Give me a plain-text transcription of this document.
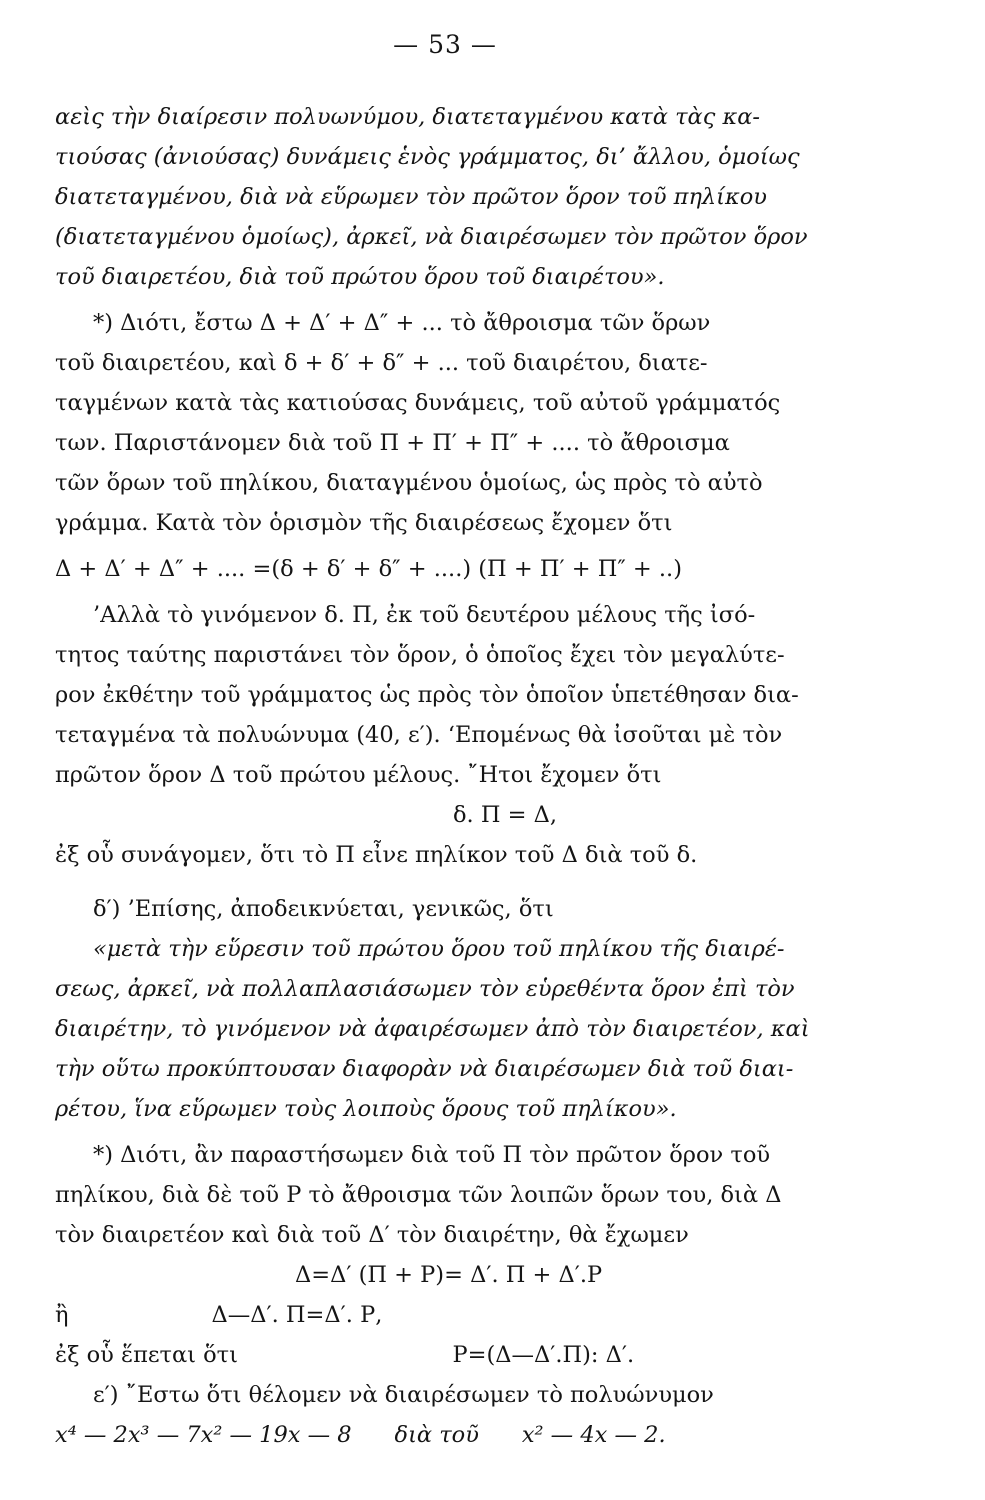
— 53 —
αεὶς τὴν διαίρεσιν πολυωνύμου, διατεταγμένου κατὰ τὰς κα-
τιούσας (ἀνιούσας) δυνάμεις ἑνὸς γράμματος, δι’ ἄλλου, ὁμοίως
διατεταγμένου, διὰ νὰ εὕρωμεν τὸν πρῶτον ὅρον τοῦ πηλίκου
(διατεταγμένου ὁμοίως), ἀρκεῖ, νὰ διαιρέσωμεν τὸν πρῶτον ὅρον
τοῦ διαιρετέου, διὰ τοῦ πρώτου ὅρου τοῦ διαιρέτου».
*) Διότι, ἔστω Δ + Δ′ + Δ″ + ... τὸ ἄθροισμα τῶν ὅρων
τοῦ διαιρετέου, καὶ δ + δ′ + δ″ + ... τοῦ διαιρέτου, διατε-
ταγμένων κατὰ τὰς κατιούσας δυνάμεις, τοῦ αὐτοῦ γράμματός
των. Παριστάνομεν διὰ τοῦ Π + Π′ + Π″ + .... τὸ ἄθροισμα
τῶν ὅρων τοῦ πηλίκου, διαταγμένου ὁμοίως, ὡς πρὸς τὸ αὐτὸ
γράμμα. Κατὰ τὸν ὁρισμὸν τῆς διαιρέσεως ἔχομεν ὅτι
Δ + Δ′ + Δ″ + .... =(δ + δ′ + δ″ + ....) (Π + Π′ + Π″ + ..)
’Αλλὰ τὸ γινόμενον δ. Π, ἐκ τοῦ δευτέρου μέλους τῆς ἰσό-
τητος ταύτης παριστάνει τὸν ὅρον, ὁ ὁποῖος ἔχει τὸν μεγαλύτε-
ρον ἐκθέτην τοῦ γράμματος ὡς πρὸς τὸν ὁποῖον ὑπετέθησαν δια-
τεταγμένα τὰ πολυώνυμα (40, ε′). ‘Επομένως θὰ ἰσοῦται μὲ τὸν
πρῶτον ὅρον Δ τοῦ πρώτου μέλους. ῎Ητοι ἔχομεν ὅτι
δ. Π = Δ,
ἐξ οὗ συνάγομεν, ὅτι τὸ Π εἶνε πηλίκον τοῦ Δ διὰ τοῦ δ.
δ′) ’Επίσης, ἀποδεικνύεται, γενικῶς, ὅτι
«μετὰ τὴν εὕρεσιν τοῦ πρώτου ὅρου τοῦ πηλίκου τῆς διαιρέ-
σεως, ἀρκεῖ, νὰ πολλαπλασιάσωμεν τὸν εὑρεθέντα ὅρον ἐπὶ τὸν
διαιρέτην, τὸ γινόμενον νὰ ἀφαιρέσωμεν ἀπὸ τὸν διαιρετέον, καὶ
τὴν οὕτω προκύπτουσαν διαφορὰν νὰ διαιρέσωμεν διὰ τοῦ διαι-
ρέτου, ἵνα εὕρωμεν τοὺς λοιποὺς ὅρους τοῦ πηλίκου».
*) Διότι, ἂν παραστήσωμεν διὰ τοῦ Π τὸν πρῶτον ὅρον τοῦ
πηλίκου, διὰ δὲ τοῦ Ρ τὸ ἄθροισμα τῶν λοιπῶν ὅρων του, διὰ Δ
τὸν διαιρετέον καὶ διὰ τοῦ Δ′ τὸν διαιρέτην, θὰ ἔχωμεν
Δ=Δ′ (Π + Ρ)= Δ′. Π + Δ′.Ρ
ἢ                    Δ—Δ′. Π=Δ′. Ρ,
ἐξ οὗ ἕπεται ὅτι                              Ρ=(Δ—Δ′.Π): Δ′.
ε′) ῎Εστω ὅτι θέλομεν νὰ διαιρέσωμεν τὸ πολυώνυμον
x⁴ — 2x³ — 7x² — 19x — 8      διὰ τοῦ      x² — 4x — 2.
